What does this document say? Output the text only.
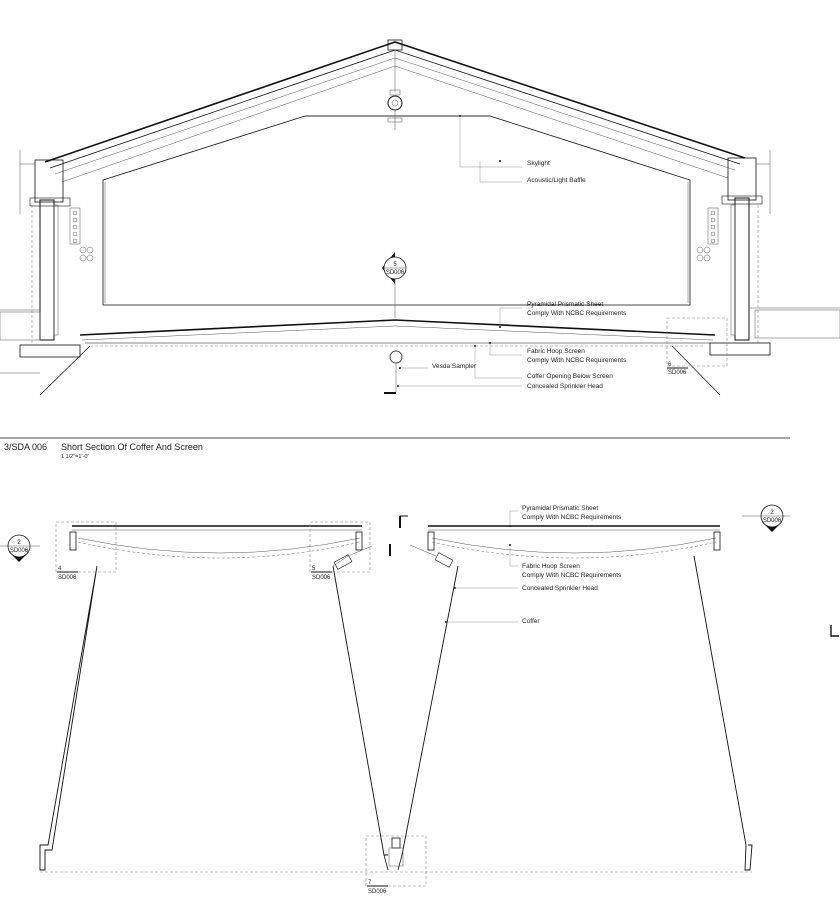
5
SD006
6
SD006
Skylight
Acoustic/Light Baffle
Pyramidal Prismatic Sheet
Comply With NCBC Requirements
Fabric Hoop Screen
Comply With NCBC Requirements
Vesda Sampler
Coffer Opening Below Screen
Concealed Sprinkler Head
3/SDA 006 Short Section Of Coffer And Screen
1 1/2"=1'-0"
4
SD006
5
SD006
7
SD006
2
SD006
2
SD006
Pyramidal Prismatic Sheet
Comply With NCBC Requirements
Fabric Hoop Screen
Comply With NCBC Requirements
Concealed Sprinkler Head
Coffer
